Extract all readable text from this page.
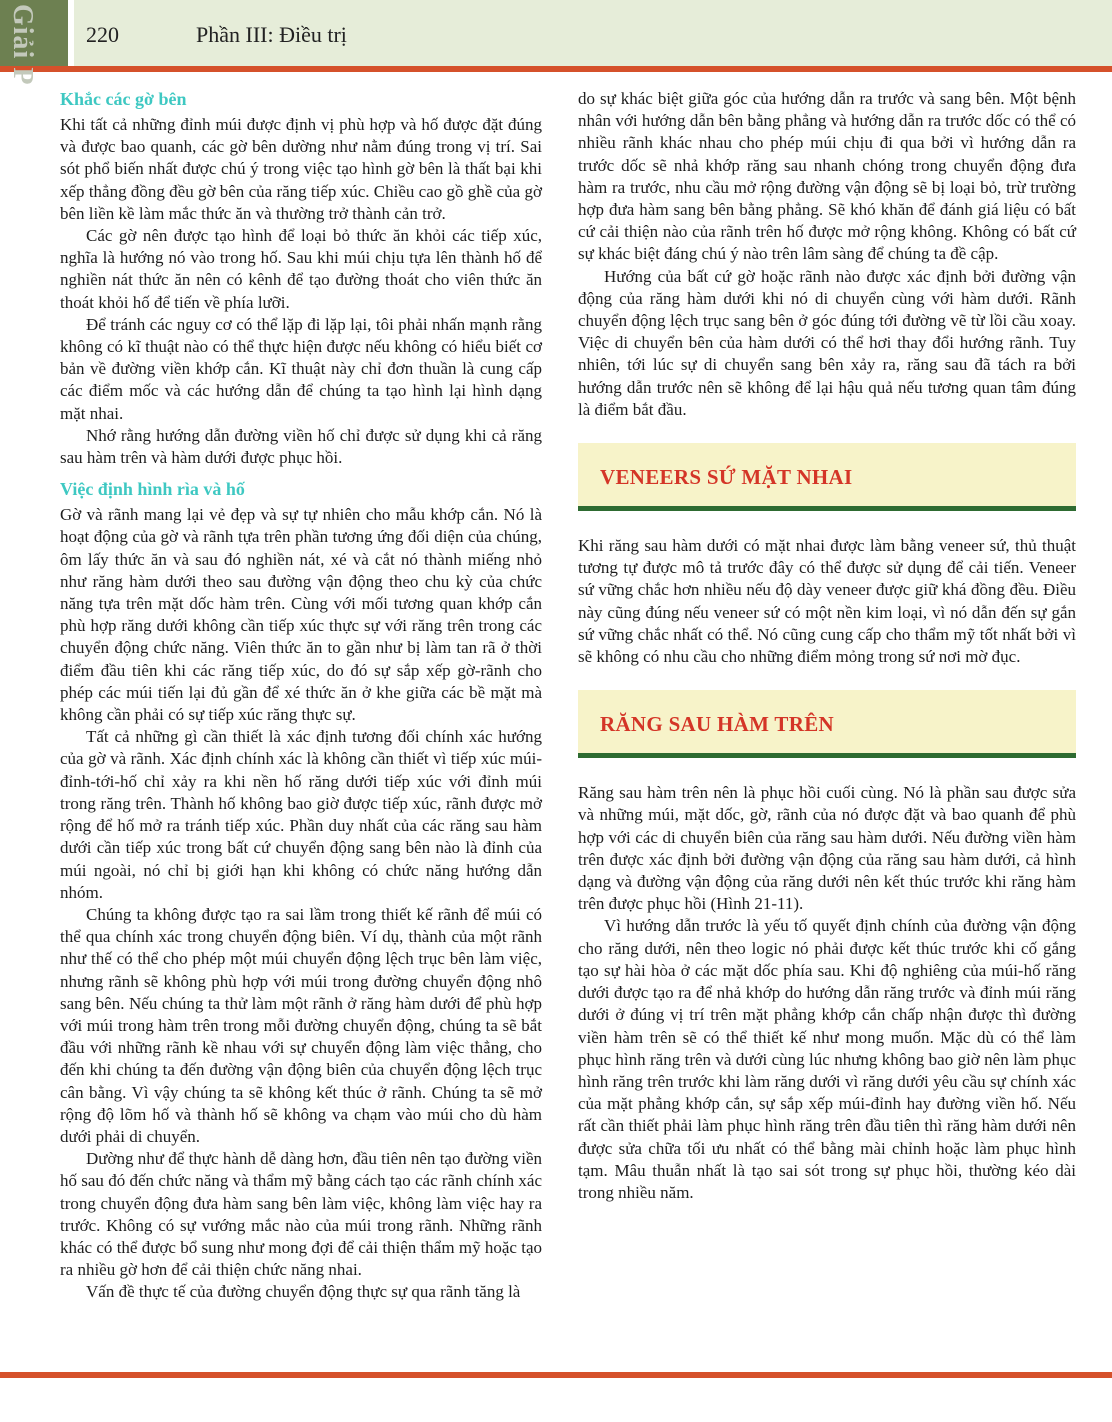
Giải P 220	Phần III: Điều trị
Khắc các gờ bên

Khi tất cả những đỉnh múi được định vị phù hợp và hố được đặt đúng và được bao quanh, các gờ bên dường như nằm đúng trong vị trí. Sai sót phổ biến nhất được chú ý trong việc tạo hình gờ bên là thất bại khi xếp thẳng đồng đều gờ bên của răng tiếp xúc. Chiều cao gồ ghề của gờ bên liền kề làm mắc thức ăn và thường trở thành cản trở.

Các gờ nên được tạo hình để loại bỏ thức ăn khỏi các tiếp xúc, nghĩa là hướng nó vào trong hố. Sau khi múi chịu tựa lên thành hố để nghiền nát thức ăn nên có kênh để tạo đường thoát cho viên thức ăn thoát khỏi hố để tiến về phía lưỡi.

Để tránh các nguy cơ có thể lặp đi lặp lại, tôi phải nhấn mạnh rằng không có kĩ thuật nào có thể thực hiện được nếu không có hiểu biết cơ bản về đường viền khớp cắn. Kĩ thuật này chỉ đơn thuần là cung cấp các điểm mốc và các hướng dẫn để chúng ta tạo hình lại hình dạng mặt nhai.

Nhớ rằng hướng dẫn đường viền hố chỉ được sử dụng khi cả răng sau hàm trên và hàm dưới được phục hồi.

Việc định hình rìa và hố

Gờ và rãnh mang lại vẻ đẹp và sự tự nhiên cho mẫu khớp cắn. Nó là hoạt động của gờ và rãnh tựa trên phần tương ứng đối diện của chúng, ôm lấy thức ăn và sau đó nghiền nát, xé và cắt nó thành miếng nhỏ như răng hàm dưới theo sau đường vận động theo chu kỳ của chức năng tựa trên mặt dốc hàm trên. Cùng với mối tương quan khớp cắn phù hợp răng dưới không cần tiếp xúc thực sự với răng trên trong các chuyển động chức năng. Viên thức ăn to gần như bị làm tan rã ở thời điểm đầu tiên khi các răng tiếp xúc, do đó sự sắp xếp gờ-rãnh cho phép các múi tiến lại đủ gần để xé thức ăn ở khe giữa các bề mặt mà không cần phải có sự tiếp xúc răng thực sự.

Tất cả những gì cần thiết là xác định tương đối chính xác hướng của gờ và rãnh. Xác định chính xác là không cần thiết vì tiếp xúc múi-đỉnh-tới-hố chỉ xảy ra khi nền hố răng dưới tiếp xúc với đỉnh múi trong răng trên. Thành hố không bao giờ được tiếp xúc, rãnh được mở rộng để hố mở ra tránh tiếp xúc. Phần duy nhất của các răng sau hàm dưới cần tiếp xúc trong bất cứ chuyển động sang bên nào là đỉnh của múi ngoài, nó chỉ bị giới hạn khi không có chức năng hướng dẫn nhóm.

Chúng ta không được tạo ra sai lầm trong thiết kế rãnh để múi có thể qua chính xác trong chuyển động biên. Ví dụ, thành của một rãnh như thế có thể cho phép một múi chuyển động lệch trục bên làm việc, nhưng rãnh sẽ không phù hợp với múi trong đường chuyển động nhô sang bên. Nếu chúng ta thử làm một rãnh ở răng hàm dưới để phù hợp với múi trong hàm trên trong mỗi đường chuyển động, chúng ta sẽ bắt đầu với những rãnh kề nhau với sự chuyển động làm việc thẳng, cho đến khi chúng ta đến đường vận động biên của chuyển động lệch trục cân bằng. Vì vậy chúng ta sẽ không kết thúc ở rãnh. Chúng ta sẽ mở rộng độ lõm hố và thành hố sẽ không va chạm vào múi cho dù hàm dưới phải di chuyển.

Dường như để thực hành dễ dàng hơn, đầu tiên nên tạo đường viền hố sau đó đến chức năng và thẩm mỹ bằng cách tạo các rãnh chính xác trong chuyển động đưa hàm sang bên làm việc, không làm việc hay ra trước. Không có sự vướng mắc nào của múi trong rãnh. Những rãnh khác có thể được bổ sung như mong đợi để cải thiện thẩm mỹ hoặc tạo ra nhiều gờ hơn để cải thiện chức năng nhai.

Vấn đề thực tế của đường chuyển động thực sự qua rãnh tăng là

do sự khác biệt giữa góc của hướng dẫn ra trước và sang bên. Một bệnh nhân với hướng dẫn bên bằng phẳng và hướng dẫn ra trước dốc có thể có nhiều rãnh khác nhau cho phép múi chịu đi qua bởi vì hướng dẫn ra trước dốc sẽ nhả khớp răng sau nhanh chóng trong chuyển động đưa hàm ra trước, nhu cầu mở rộng đường vận động sẽ bị loại bỏ, trừ trường hợp đưa hàm sang bên bằng phẳng. Sẽ khó khăn để đánh giá liệu có bất cứ cải thiện nào của rãnh trên hố được mở rộng không. Không có bất cứ sự khác biệt đáng chú ý nào trên lâm sàng để chúng ta đề cập.

Hướng của bất cứ gờ hoặc rãnh nào được xác định bởi đường vận động của răng hàm dưới khi nó di chuyển cùng với hàm dưới. Rãnh chuyển động lệch trục sang bên ở góc đúng tới đường vẽ từ lồi cầu xoay. Việc di chuyển bên của hàm dưới có thể hơi thay đổi hướng rãnh. Tuy nhiên, tới lúc sự di chuyển sang bên xảy ra, răng sau đã tách ra bởi hướng dẫn trước nên sẽ không để lại hậu quả nếu tương quan tâm đúng là điểm bắt đầu.

VENEERS SỨ MẶT NHAI

Khi răng sau hàm dưới có mặt nhai được làm bằng veneer sứ, thủ thuật tương tự được mô tả trước đây có thể được sử dụng để cải tiến. Veneer sứ vững chắc hơn nhiều nếu độ dày veneer được giữ khá đồng đều. Điều này cũng đúng nếu veneer sứ có một nền kim loại, vì nó dẫn đến sự gắn sứ vững chắc nhất có thể. Nó cũng cung cấp cho thẩm mỹ tốt nhất bởi vì sẽ không có nhu cầu cho những điểm mỏng trong sứ nơi mờ đục.

RĂNG SAU HÀM TRÊN

Răng sau hàm trên nên là phục hồi cuối cùng. Nó là phần sau được sửa và những múi, mặt dốc, gờ, rãnh của nó được đặt và bao quanh để phù hợp với các di chuyển biên của răng sau hàm dưới. Nếu đường viền hàm trên được xác định bởi đường vận động của răng sau hàm dưới, cả hình dạng và đường vận động của răng dưới nên kết thúc trước khi răng hàm trên được phục hồi (Hình 21-11).

Vì hướng dẫn trước là yếu tố quyết định chính của đường vận động cho răng dưới, nên theo logic nó phải được kết thúc trước khi cố gắng tạo sự hài hòa ở các mặt dốc phía sau. Khi độ nghiêng của múi-hố răng dưới được tạo ra để nhả khớp do hướng dẫn răng trước và đỉnh múi răng dưới ở đúng vị trí trên mặt phẳng khớp cắn chấp nhận được thì đường viền hàm trên sẽ có thể thiết kế như mong muốn. Mặc dù có thể làm phục hình răng trên và dưới cùng lúc nhưng không bao giờ nên làm phục hình răng trên trước khi làm răng dưới vì răng dưới yêu cầu sự chính xác của mặt phẳng khớp cắn, sự sắp xếp múi-đỉnh hay đường viền hố. Nếu rất cần thiết phải làm phục hình răng trên đầu tiên thì răng hàm dưới nên được sửa chữa tối ưu nhất có thể bằng mài chỉnh hoặc làm phục hình tạm. Mâu thuẫn nhất là tạo sai sót trong sự phục hồi, thường kéo dài trong nhiều năm.
